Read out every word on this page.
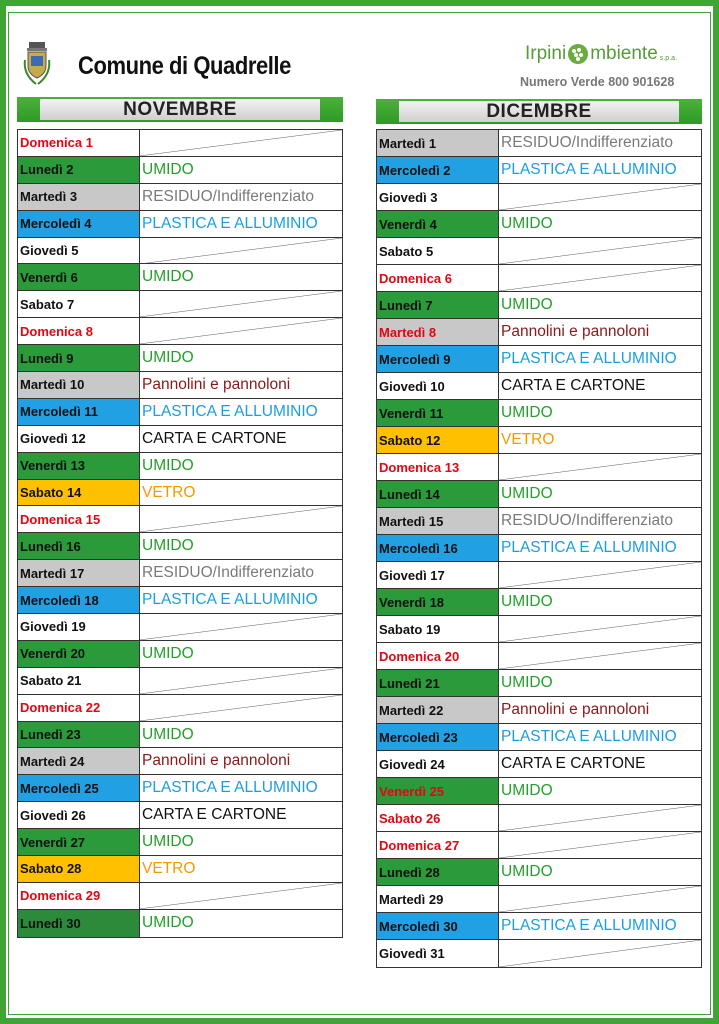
Comune di Quadrelle	Irpini mbiente s.p.a.
Numero Verde 800 901628
NOVEMBRE	DICEMBRE
Domenica 1
Lunedì 2	UMIDO
Martedì 3	RESIDUO/Indifferenziato
Mercoledì 4	PLASTICA E ALLUMINIO
Giovedì 5
Venerdì 6	UMIDO
Sabato 7
Domenica 8
Lunedì 9	UMIDO
Martedì 10	Pannolini e pannoloni
Mercoledì 11	PLASTICA E ALLUMINIO
Giovedì 12	CARTA E CARTONE
Venerdì 13	UMIDO
Sabato 14	VETRO
Domenica 15
Lunedì 16	UMIDO
Martedì 17	RESIDUO/Indifferenziato
Mercoledì 18	PLASTICA E ALLUMINIO
Giovedì 19
Venerdì 20	UMIDO
Sabato 21
Domenica 22
Lunedì 23	UMIDO
Martedì 24	Pannolini e pannoloni
Mercoledì 25	PLASTICA E ALLUMINIO
Giovedì 26	CARTA E CARTONE
Venerdì 27	UMIDO
Sabato 28	VETRO
Domenica 29
Lunedì 30	UMIDO
Martedì 1	RESIDUO/Indifferenziato
Mercoledì 2	PLASTICA E ALLUMINIO
Giovedì 3
Venerdì 4	UMIDO
Sabato 5
Domenica 6
Lunedì 7	UMIDO
Martedì 8	Pannolini e pannoloni
Mercoledì 9	PLASTICA E ALLUMINIO
Giovedì 10	CARTA E CARTONE
Venerdì 11	UMIDO
Sabato 12	VETRO
Domenica 13
Lunedì 14	UMIDO
Martedì 15	RESIDUO/Indifferenziato
Mercoledì 16	PLASTICA E ALLUMINIO
Giovedì 17
Venerdì 18	UMIDO
Sabato 19
Domenica 20
Lunedì 21	UMIDO
Martedì 22	Pannolini e pannoloni
Mercoledì 23	PLASTICA E ALLUMINIO
Giovedì 24	CARTA E CARTONE
Venerdì 25	UMIDO
Sabato 26
Domenica 27
Lunedì 28	UMIDO
Martedì 29
Mercoledì 30	PLASTICA E ALLUMINIO
Giovedì 31
